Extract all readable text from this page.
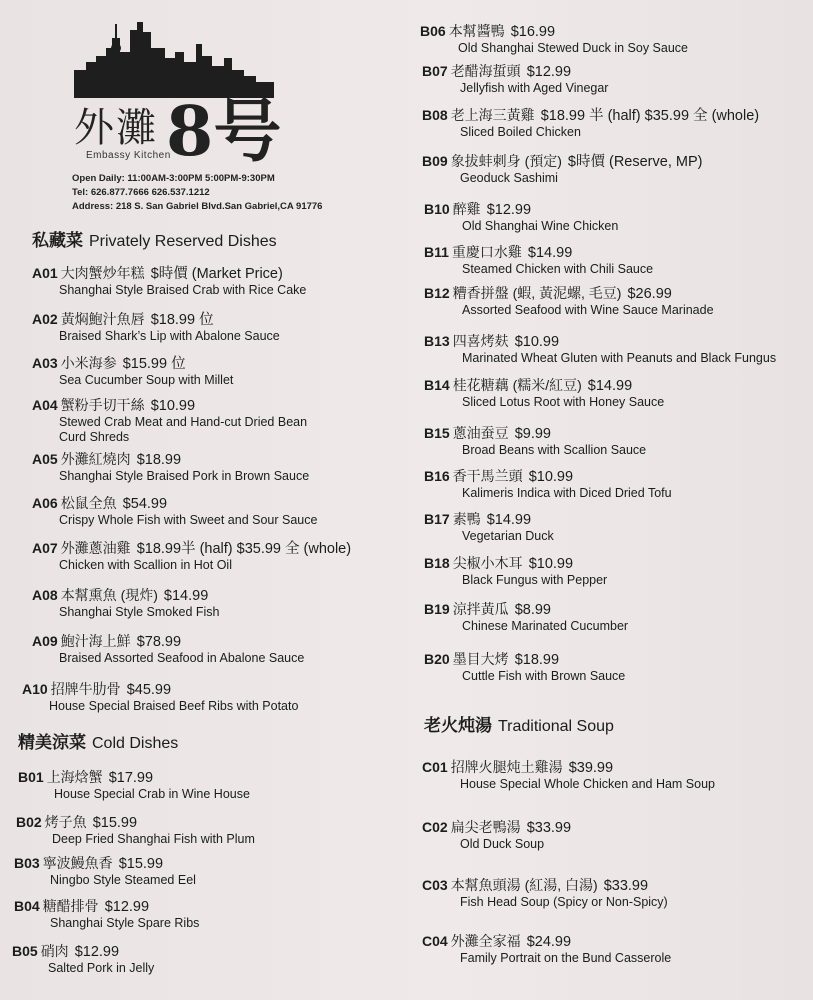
外灘 8号
Embassy Kitchen
Open Daily: 11:00AM-3:00PM 5:00PM-9:30PM
Tel: 626.877.7666 626.537.1212
Address: 218 S. San Gabriel Blvd.San Gabriel,CA 91776
私藏菜 Privately Reserved Dishes
A01 大肉蟹炒年糕 $時價 (Market Price)
Shanghai Style Braised Crab with Rice Cake
A02 黃焖鮑汁魚唇 $18.99 位
Braised Shark’s Lip with Abalone Sauce
A03 小米海参 $15.99 位
Sea Cucumber Soup with Millet
A04 蟹粉手切干絲 $10.99
Stewed Crab Meat and Hand-cut Dried Bean
Curd Shreds
A05 外灘紅燒肉 $18.99
Shanghai Style Braised Pork in Brown Sauce
A06 松鼠全魚 $54.99
Crispy Whole Fish with Sweet and Sour Sauce
A07 外灘蔥油雞 $18.99半 (half) $35.99 全 (whole)
Chicken with Scallion in Hot Oil
A08 本幫熏魚 (現炸) $14.99
Shanghai Style Smoked Fish
A09 鮑汁海上鮮 $78.99
Braised Assorted Seafood in Abalone Sauce
A10 招牌牛肋骨 $45.99
House Special Braised Beef Ribs with Potato
精美涼菜 Cold Dishes
B01 上海焓蟹 $17.99
House Special Crab in Wine House
B02 烤子魚 $15.99
Deep Fried Shanghai Fish with Plum
B03 寧波鰻魚香 $15.99
Ningbo Style Steamed Eel
B04 糖醋排骨 $12.99
Shanghai Style Spare Ribs
B05 硝肉 $12.99
Salted Pork in Jelly
B06 本幫醬鴨 $16.99
Old Shanghai Stewed Duck in Soy Sauce
B07 老醋海蜇頭 $12.99
Jellyfish with Aged Vinegar
B08 老上海三黃雞 $18.99 半 (half) $35.99 全 (whole)
Sliced Boiled Chicken
B09 象拔蚌刺身 (預定) $時價 (Reserve, MP)
Geoduck Sashimi
B10 醉雞 $12.99
Old Shanghai Wine Chicken
B11 重慶口水雞 $14.99
Steamed Chicken with Chili Sauce
B12 糟香拼盤 (蝦, 黃泥螺, 毛豆) $26.99
Assorted Seafood with Wine Sauce Marinade
B13 四喜烤麸 $10.99
Marinated Wheat Gluten with Peanuts and Black Fungus
B14 桂花糖藕 (糯米/紅豆) $14.99
Sliced Lotus Root with Honey Sauce
B15 蔥油蚕豆 $9.99
Broad Beans with Scallion Sauce
B16 香干馬兰頭 $10.99
Kalimeris Indica with Diced Dried Tofu
B17 素鴨 $14.99
Vegetarian Duck
B18 尖椒小木耳 $10.99
Black Fungus with Pepper
B19 涼拌黃瓜 $8.99
Chinese Marinated Cucumber
B20 墨目大烤 $18.99
Cuttle Fish with Brown Sauce
老火炖湯 Traditional Soup
C01 招牌火腿炖土雞湯 $39.99
House Special Whole Chicken and Ham Soup
C02 扁尖老鴨湯 $33.99
Old Duck Soup
C03 本幫魚頭湯 (紅湯, 白湯) $33.99
Fish Head Soup (Spicy or Non-Spicy)
C04 外灘全家福 $24.99
Family Portrait on the Bund Casserole
